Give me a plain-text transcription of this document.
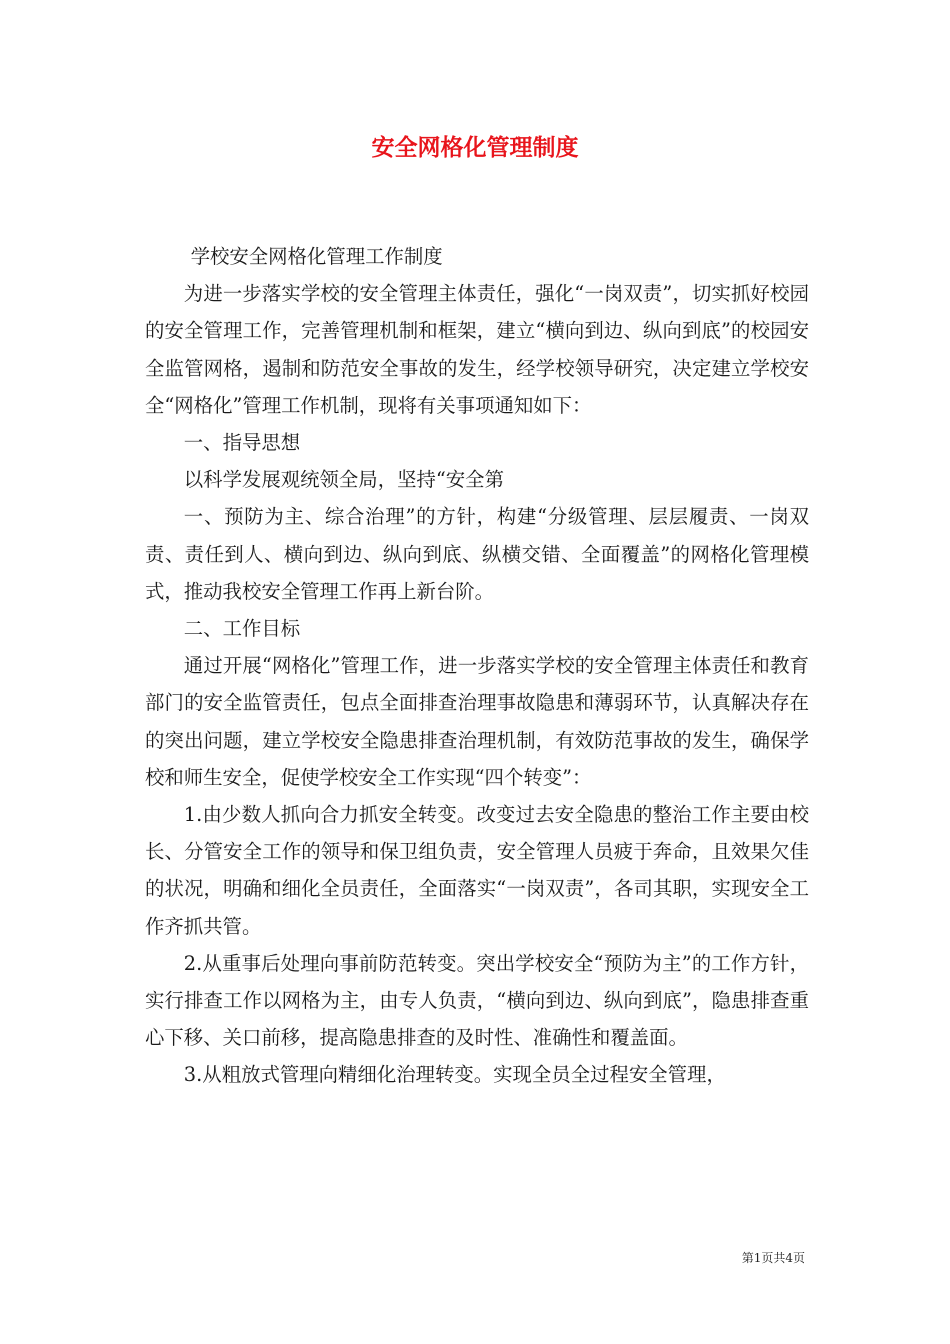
安全网格化管理制度

学校安全网格化管理工作制度

为进一步落实学校的安全管理主体责任，强化“一岗双责”，切实抓好校园的安全管理工作，完善管理机制和框架，建立“横向到边、纵向到底”的校园安全监管网格，遏制和防范安全事故的发生，经学校领导研究，决定建立学校安全“网格化”管理工作机制，现将有关事项通知如下：

一、指导思想

以科学发展观统领全局，坚持“安全第

一、预防为主、综合治理”的方针，构建“分级管理、层层履责、一岗双责、责任到人、横向到边、纵向到底、纵横交错、全面覆盖”的网格化管理模式，推动我校安全管理工作再上新台阶。

二、工作目标

通过开展“网格化”管理工作，进一步落实学校的安全管理主体责任和教育部门的安全监管责任，包点全面排查治理事故隐患和薄弱环节，认真解决存在的突出问题，建立学校安全隐患排查治理机制，有效防范事故的发生，确保学校和师生安全，促使学校安全工作实现“四个转变”：

1.由少数人抓向合力抓安全转变。改变过去安全隐患的整治工作主要由校长、分管安全工作的领导和保卫组负责，安全管理人员疲于奔命，且效果欠佳的状况，明确和细化全员责任，全面落实“一岗双责”，各司其职，实现安全工作齐抓共管。

2.从重事后处理向事前防范转变。突出学校安全“预防为主”的工作方针，实行排查工作以网格为主，由专人负责，“横向到边、纵向到底”，隐患排查重心下移、关口前移，提高隐患排查的及时性、准确性和覆盖面。

3.从粗放式管理向精细化治理转变。实现全员全过程安全管理，

第1页共4页
